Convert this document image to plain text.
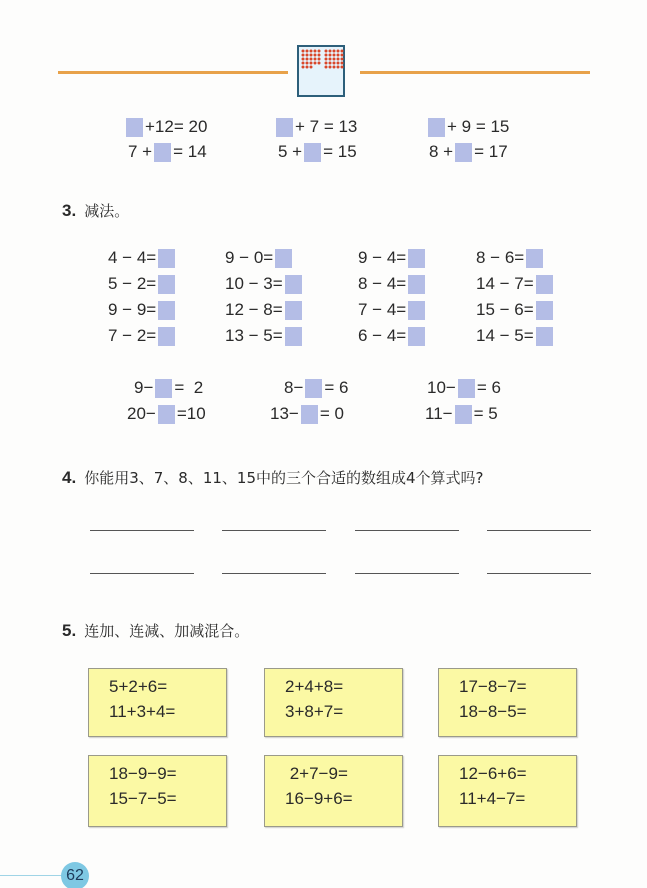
+12= 20	+ 7 = 13	+ 9 = 15
7 + = 14	5 + = 15	8 + = 17
3. 减法。
4 − 4=	9 − 0=	9 − 4=	8 − 6=
5 − 2=	10 − 3=	8 − 4=	14 − 7=
9 − 9=	12 − 8=	7 − 4=	15 − 6=
7 − 2=	13 − 5=	6 − 4=	14 − 5=
9− =  2	8− = 6	10− = 6
20− =10	13− = 0	11− = 5
4. 你能用3、7、8、11、15中的三个合适的数组成4个算式吗?
5. 连加、连减、加减混合。
5+2+6=
11+3+4=
2+4+8=
3+8+7=
17−8−7=
18−8−5=
18−9−9=
15−7−5=
2+7−9=
16−9+6=
12−6+6=
11+4−7=
62
